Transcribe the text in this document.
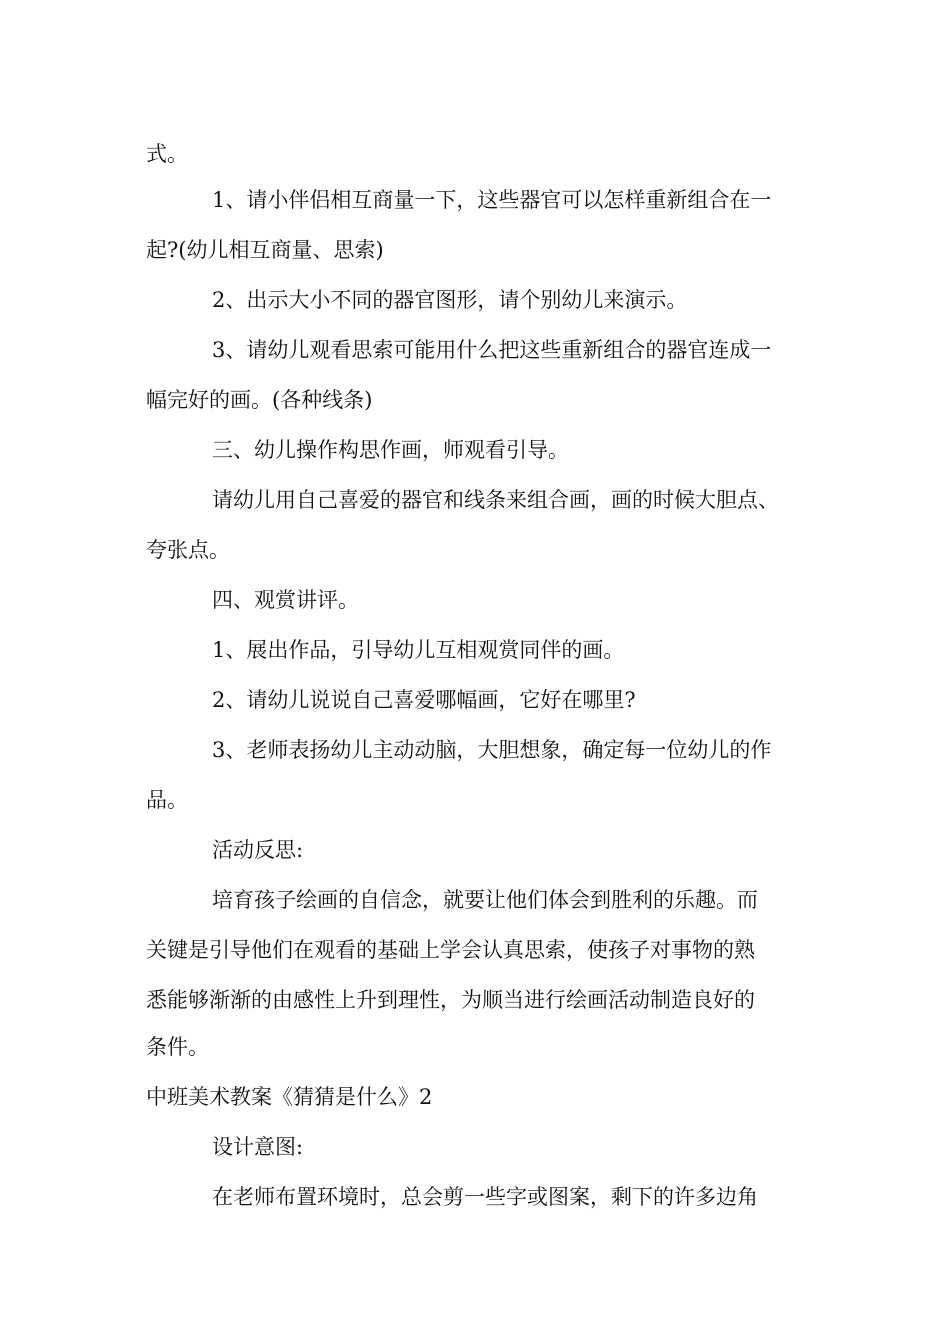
式。
1、请小伴侣相互商量一下，这些器官可以怎样重新组合在一
起?(幼儿相互商量、思索)
2、出示大小不同的器官图形，请个别幼儿来演示。
3、请幼儿观看思索可能用什么把这些重新组合的器官连成一
幅完好的画。(各种线条)
三、幼儿操作构思作画，师观看引导。
请幼儿用自己喜爱的器官和线条来组合画，画的时候大胆点、
夸张点。
四、观赏讲评。
1、展出作品，引导幼儿互相观赏同伴的画。
2、请幼儿说说自己喜爱哪幅画，它好在哪里?
3、老师表扬幼儿主动动脑，大胆想象，确定每一位幼儿的作
品。
活动反思:
培育孩子绘画的自信念，就要让他们体会到胜利的乐趣。而
关键是引导他们在观看的基础上学会认真思索，使孩子对事物的熟
悉能够渐渐的由感性上升到理性，为顺当进行绘画活动制造良好的
条件。
中班美术教案《猜猜是什么》2
设计意图:
在老师布置环境时，总会剪一些字或图案，剩下的许多边角
